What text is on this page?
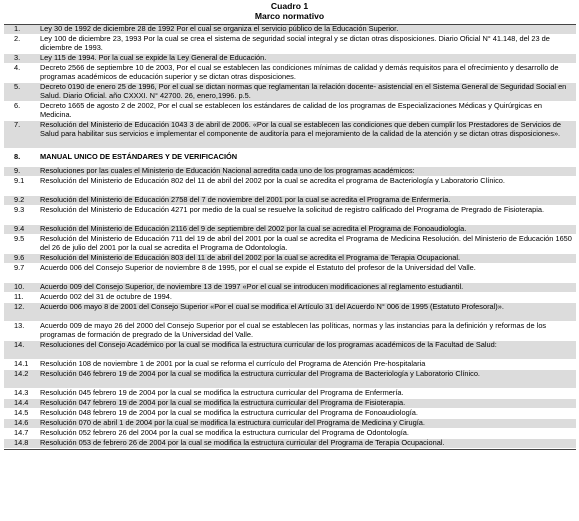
Cuadro 1
Marco normativo
1.	Ley 30 de 1992 de diciembre 28 de 1992 Por el cual se organiza el servicio público de la Educación Superior.
2.	Ley 100 de diciembre 23, 1993 Por la cual se crea el sistema de seguridad social integral y se dictan otras disposiciones. Diario Oficial N° 41.148, del 23 de diciembre de 1993.
3.	Ley 115 de 1994. Por la cual se expide la Ley General de Educación.
4.	Decreto 2566 de septiembre 10 de 2003, Por el cual se establecen las condiciones mínimas de calidad y demás requisitos para el ofrecimiento y desarrollo de programas académicos de educación superior y se dictan otras disposiciones.
5.	Decreto 0190 de enero 25 de 1996, Por el cual se dictan normas que reglamentan la relación docente- asistencial en el Sistema General de Seguridad Social en Salud. Diario Oficial. año CXXXI. N° 42700. 26, enero,1996. p.5.
6.	Decreto 1665 de agosto 2 de 2002, Por el cual se establecen los estándares de calidad de los programas de Especializaciones Médicas y Quirúrgicas en Medicina.
7.	Resolución del Ministerio de Educación 1043 3 de abril de 2006. «Por la cual se establecen las condiciones que deben cumplir los Prestadores de Servicios de Salud para habilitar sus servicios e implementar el componente de auditoría para el mejoramiento de la calidad de la atención y se dictan otras disposiciones».
8.	MANUAL UNICO DE ESTÁNDARES Y DE VERIFICACIÓN
9.	Resoluciones por las cuales el Ministerio de Educación Nacional acredita cada uno de los programas académicos:
9.1	Resolución del Ministerio de Educación 802 del 11 de abril del 2002 por la cual se acredita el programa de Bacteriología y Laboratorio Clínico.
9.2	Resolución del Ministerio de Educación 2758 del 7 de noviembre del 2001 por la cual se acredita el Programa de Enfermería.
9.3	Resolución del Ministerio de Educación 4271 por medio de la cual se resuelve la solicitud de registro calificado del Programa de Pregrado de Fisioterapia.
9.4	Resolución del Ministerio de Educación 2116 del 9 de septiembre del 2002 por la cual se acredita el Programa de Fonoaudiología.
9.5	Resolución del Ministerio de Educación 711 del 19 de abril del 2001 por la cual se acredita el Programa de Medicina Resolución. del Ministerio de Educación 1650 del 26 de julio del 2001 por la cual se acredita el Programa de Odontología.
9.6	Resolución del Ministerio de Educación 803 del 11 de abril del 2002 por la cual se acredita el Programa de Terapia Ocupacional.
9.7	Acuerdo 006 del Consejo Superior de noviembre 8 de 1995, por el cual se expide el Estatuto del profesor de la Universidad del Valle.
10.	Acuerdo 009 del Consejo Superior, de noviembre 13 de 1997 «Por el cual se introducen modificaciones al reglamento estudiantil.
11.	Acuerdo 002 del 31 de octubre de 1994.
12.	Acuerdo 006 mayo 8 de 2001 del Consejo Superior «Por el cual se modifica el Artículo 31 del Acuerdo N° 006 de 1995 (Estatuto Profesoral)».
13.	Acuerdo 009 de mayo 26 del 2000 del Consejo Superior por el cual se establecen las políticas, normas y las instancias para la definición y reformas de los programas de formación de pregrado de la Universidad del Valle.
14.	Resoluciones del Consejo Académico por la cual se modifica la estructura curricular de los programas académicos de la Facultad de Salud:
14.1	Resolución 108 de noviembre 1 de 2001 por la cual se reforma el currículo del Programa de Atención Pre-hospitalaria
14.2	Resolución 046 febrero 19 de 2004 por la cual se modifica la estructura curricular del Programa de Bacteriología y Laboratorio Clínico.
14.3	Resolución 045 febrero 19 de 2004 por la cual se modifica la estructura curricular del Programa de Enfermería.
14.4	Resolución 047 febrero 19 de 2004 por la cual se modifica la estructura curricular del Programa de Fisioterapia.
14.5	Resolución 048 febrero 19 de 2004 por la cual se modifica la estructura curricular del Programa de Fonoaudiología.
14.6	Resolución 070 de abril 1 de 2004 por la cual se modifica la estructura curricular del Programa de Medicina y Cirugía.
14.7	Resolución 052 febrero 26 del 2004 por la cual se modifica la estructura curricular del Programa de Odontología.
14.8	Resolución 053 de febrero 26 de 2004 por la cual se modifica la estructura curricular del Programa de Terapia Ocupacional.
